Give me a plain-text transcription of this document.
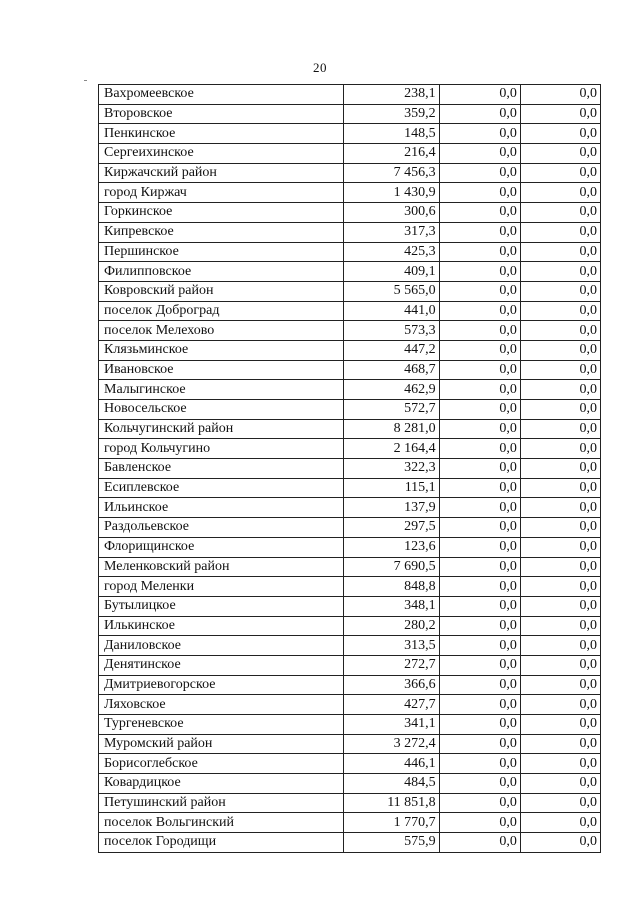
20
Вахромеевское	238,1	0,0	0,0
Второвское	359,2	0,0	0,0
Пенкинское	148,5	0,0	0,0
Сергеихинское	216,4	0,0	0,0
Киржачский район	7 456,3	0,0	0,0
город Киржач	1 430,9	0,0	0,0
Горкинское	300,6	0,0	0,0
Кипревское	317,3	0,0	0,0
Першинское	425,3	0,0	0,0
Филипповское	409,1	0,0	0,0
Ковровский район	5 565,0	0,0	0,0
поселок Доброград	441,0	0,0	0,0
поселок Мелехово	573,3	0,0	0,0
Клязьминское	447,2	0,0	0,0
Ивановское	468,7	0,0	0,0
Малыгинское	462,9	0,0	0,0
Новосельское	572,7	0,0	0,0
Кольчугинский район	8 281,0	0,0	0,0
город Кольчугино	2 164,4	0,0	0,0
Бавленское	322,3	0,0	0,0
Есиплевское	115,1	0,0	0,0
Ильинское	137,9	0,0	0,0
Раздольевское	297,5	0,0	0,0
Флорищинское	123,6	0,0	0,0
Меленковский район	7 690,5	0,0	0,0
город Меленки	848,8	0,0	0,0
Бутылицкое	348,1	0,0	0,0
Илькинское	280,2	0,0	0,0
Даниловское	313,5	0,0	0,0
Денятинское	272,7	0,0	0,0
Дмитриевогорское	366,6	0,0	0,0
Ляховское	427,7	0,0	0,0
Тургеневское	341,1	0,0	0,0
Муромский район	3 272,4	0,0	0,0
Борисоглебское	446,1	0,0	0,0
Ковардицкое	484,5	0,0	0,0
Петушинский район	11 851,8	0,0	0,0
поселок Вольгинский	1 770,7	0,0	0,0
поселок Городищи	575,9	0,0	0,0
